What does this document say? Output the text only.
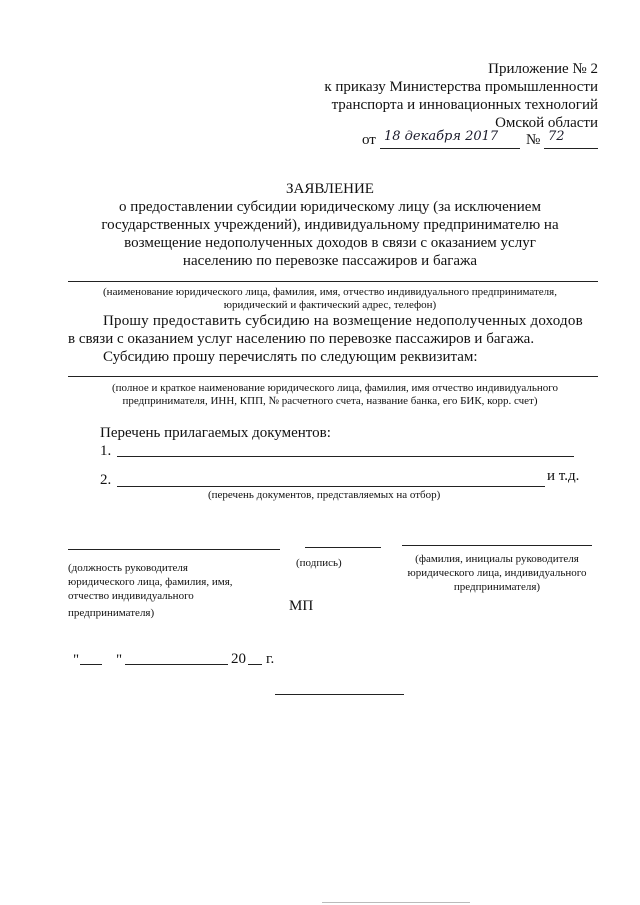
Приложение № 2
к приказу Министерства промышленности
транспорта и инновационных технологий
Омской области
от 18 декабря 2017 № 72
ЗАЯВЛЕНИЕ
о предоставлении субсидии юридическому лицу (за исключением
государственных учреждений), индивидуальному предпринимателю на
возмещение недополученных доходов в связи с оказанием услуг
населению по перевозке пассажиров и багажа
(наименование юридического лица, фамилия, имя, отчество индивидуального предпринимателя,
юридический и фактический адрес, телефон)
Прошу предоставить субсидию на возмещение недополученных доходов
в связи с оказанием услуг населению по перевозке пассажиров и багажа.
Субсидию прошу перечислять по следующим реквизитам:
(полное и краткое наименование юридического лица, фамилия, имя отчество индивидуального
предпринимателя, ИНН, КПП, № расчетного счета, название банка, его БИК, корр. счет)
Перечень прилагаемых документов:
1.
2.	и т.д.
(перечень документов, представляемых на отбор)
(должность руководителя
юридического лица, фамилия, имя,
отчество индивидуального
предпринимателя)
(подпись)
МП
(фамилия, инициалы руководителя
юридического лица, индивидуального
предпринимателя)
" "	20 г.
